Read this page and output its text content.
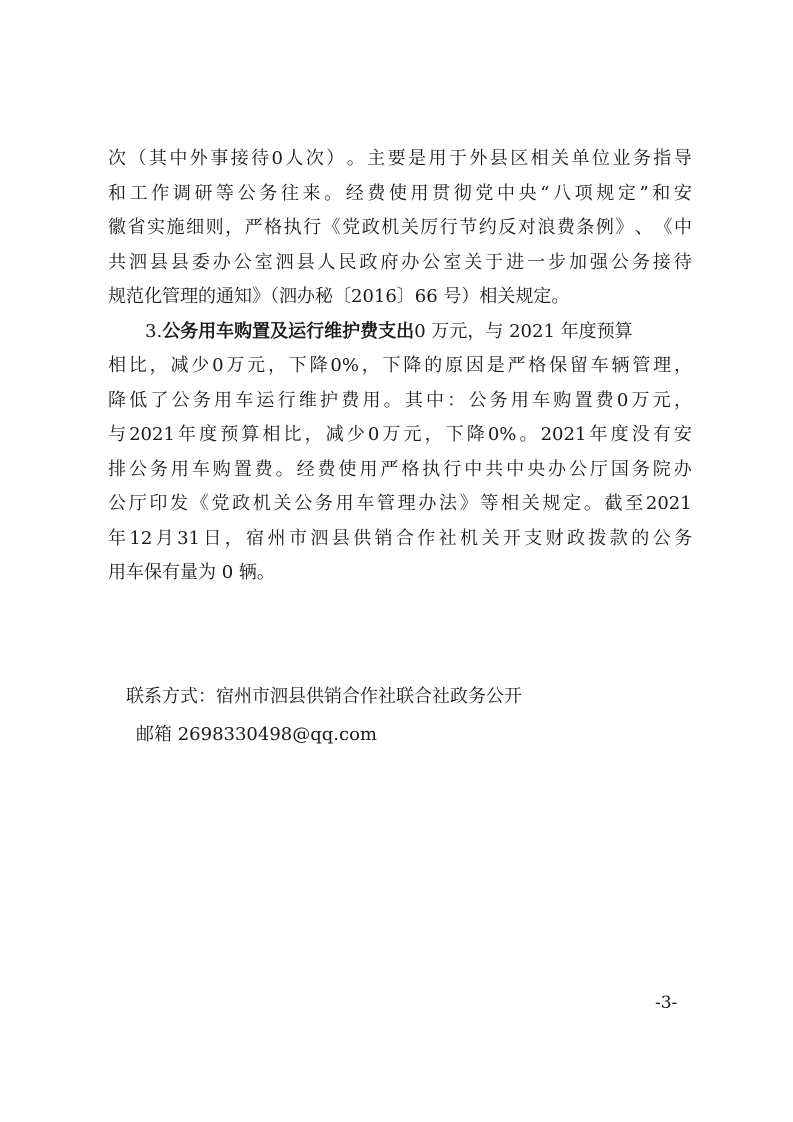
次 （ 其 中 外 事 接 待 0 人 次 ） 。 主 要 是 用 于 外 县 区 相 关 单 位 业 务 指 导
和 工 作 调 研 等 公 务 往 来 。 经 费 使 用 贯 彻 党 中 央 “ 八 项 规 定 ” 和 安
徽 省 实 施 细 则 ， 严 格 执 行 《 党 政 机 关 厉 行 节 约 反 对 浪 费 条 例 》 、 《 中
共 泗 县 县 委 办 公 室 泗 县 人 民 政 府 办 公 室 关 于 进 一 步 加 强 公 务 接 待
规范化管理的通知》（泗办秘〔2016〕66 号）相关规定。
3. 公务用车购置及运行维护费支出 0 万元，与 2021 年度预算
相 比 ， 减 少 0 万 元 ， 下 降 0% ， 下 降 的 原 因 是 严 格 保 留 车 辆 管 理 ，
降 低 了 公 务 用 车 运 行 维 护 费 用 。 其 中 ： 公 务 用 车 购 置 费 0 万 元 ，
与 2021 年 度 预 算 相 比 ， 减 少 0 万 元 ， 下 降 0% 。 2021 年 度 没 有 安
排 公 务 用 车 购 置 费 。 经 费 使 用 严 格 执 行 中 共 中 央 办 公 厅 国 务 院 办
公 厅 印 发 《 党 政 机 关 公 务 用 车 管 理 办 法 》 等 相 关 规 定 。 截 至 2021
年 12 月 31 日 ， 宿 州 市 泗 县 供 销 合 作 社 机 关 开 支 财 政 拨 款 的 公 务
用车保有量为 0 辆。
联系方式：宿州市泗县供销合作社联合社政务公开
邮箱 2698330498@qq.com
-3-
